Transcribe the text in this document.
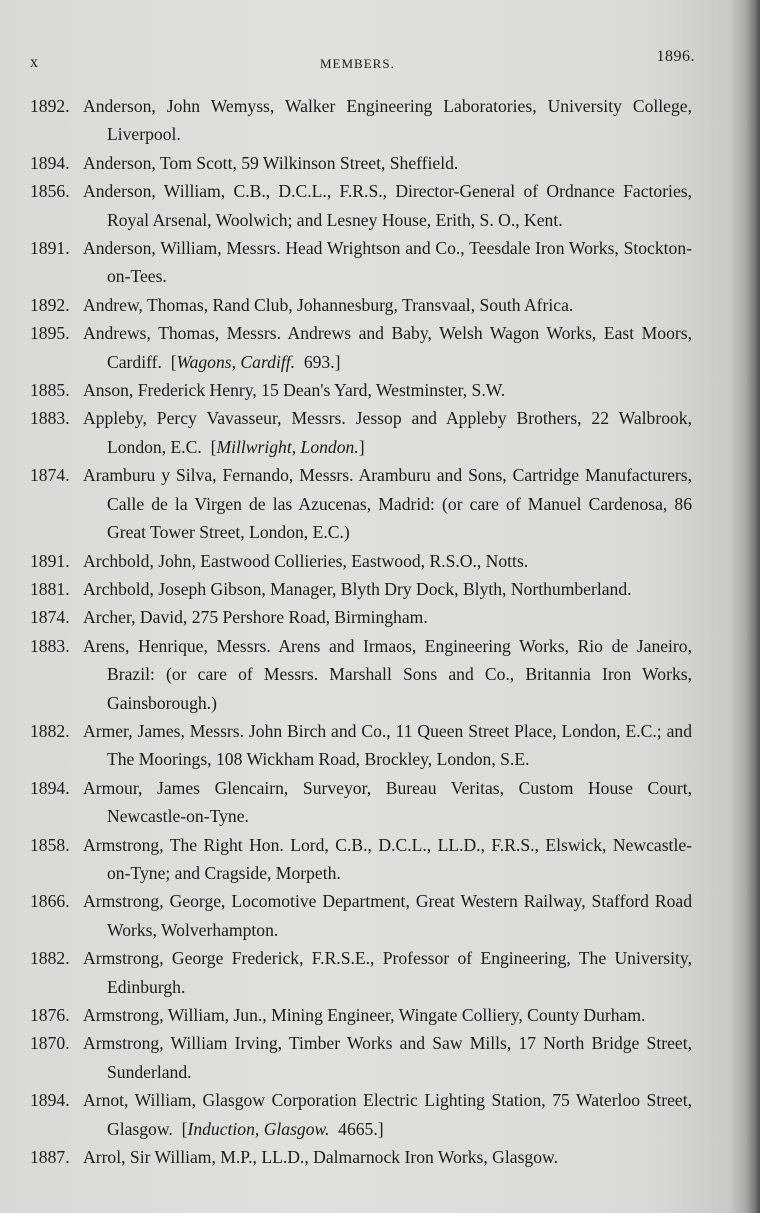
x	MEMBERS.	1896.
1892. Anderson, John Wemyss, Walker Engineering Laboratories, University College, Liverpool.
1894. Anderson, Tom Scott, 59 Wilkinson Street, Sheffield.
1856. Anderson, William, C.B., D.C.L., F.R.S., Director-General of Ordnance Factories, Royal Arsenal, Woolwich; and Lesney House, Erith, S. O., Kent.
1891. Anderson, William, Messrs. Head Wrightson and Co., Teesdale Iron Works, Stockton-on-Tees.
1892. Andrew, Thomas, Rand Club, Johannesburg, Transvaal, South Africa.
1895. Andrews, Thomas, Messrs. Andrews and Baby, Welsh Wagon Works, East Moors, Cardiff.  [Wagons, Cardiff. 693.]
1885. Anson, Frederick Henry, 15 Dean's Yard, Westminster, S.W.
1883. Appleby, Percy Vavasseur, Messrs. Jessop and Appleby Brothers, 22 Walbrook, London, E.C.  [Millwright, London.]
1874. Aramburu y Silva, Fernando, Messrs. Aramburu and Sons, Cartridge Manufacturers, Calle de la Virgen de las Azucenas, Madrid: (or care of Manuel Cardenosa, 86 Great Tower Street, London, E.C.)
1891. Archbold, John, Eastwood Collieries, Eastwood, R.S.O., Notts.
1881. Archbold, Joseph Gibson, Manager, Blyth Dry Dock, Blyth, Northumberland.
1874. Archer, David, 275 Pershore Road, Birmingham.
1883. Arens, Henrique, Messrs. Arens and Irmaos, Engineering Works, Rio de Janeiro, Brazil: (or care of Messrs. Marshall Sons and Co., Britannia Iron Works, Gainsborough.)
1882. Armer, James, Messrs. John Birch and Co., 11 Queen Street Place, London, E.C.; and The Moorings, 108 Wickham Road, Brockley, London, S.E.
1894. Armour, James Glencairn, Surveyor, Bureau Veritas, Custom House Court, Newcastle-on-Tyne.
1858. Armstrong, The Right Hon. Lord, C.B., D.C.L., LL.D., F.R.S., Elswick, Newcastle-on-Tyne; and Cragside, Morpeth.
1866. Armstrong, George, Locomotive Department, Great Western Railway, Stafford Road Works, Wolverhampton.
1882. Armstrong, George Frederick, F.R.S.E., Professor of Engineering, The University, Edinburgh.
1876. Armstrong, William, Jun., Mining Engineer, Wingate Colliery, County Durham.
1870. Armstrong, William Irving, Timber Works and Saw Mills, 17 North Bridge Street, Sunderland.
1894. Arnot, William, Glasgow Corporation Electric Lighting Station, 75 Waterloo Street, Glasgow.  [Induction, Glasgow. 4665.]
1887. Arrol, Sir William, M.P., LL.D., Dalmarnock Iron Works, Glasgow.
